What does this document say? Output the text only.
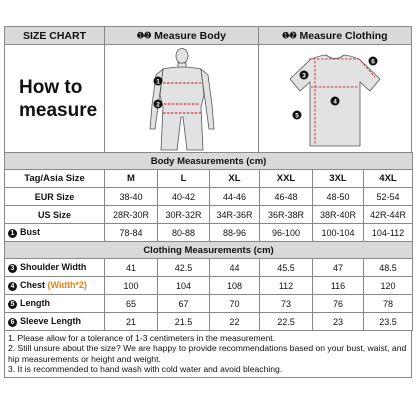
SIZE CHART	➊-➋ Measure Body	➊-➋ Measure Clothing
How to
measure
1
2
3
4
5
6
Body Measurements (cm)						
Tag/Asia Size	M	L	XL	XXL	3XL	4XL
EUR Size	38-40	40-42	44-46	46-48	48-50	52-54
US Size	28R-30R	30R-32R	34R-36R	36R-38R	38R-40R	42R-44R
1 Bust	78-84	80-88	88-96	96-100	100-104	104-112
Clothing Measurements (cm)						
3 Shoulder Width	41	42.5	44	45.5	47	48.5
4 Chest (Width*2)	100	104	108	112	116	120
5 Length	65	67	70	73	76	78
6 Sleeve Length	21	21.5	22	22.5	23	23.5

1. Please allow for a tolerance of 1-3 centimeters in the measurement.

2. Still unsure about the size? We are happy to provide recommendations based on your bust, waist, and hip measurements or height and weight.

3. It is recommended to hand wash with cold water and avoid bleaching.
